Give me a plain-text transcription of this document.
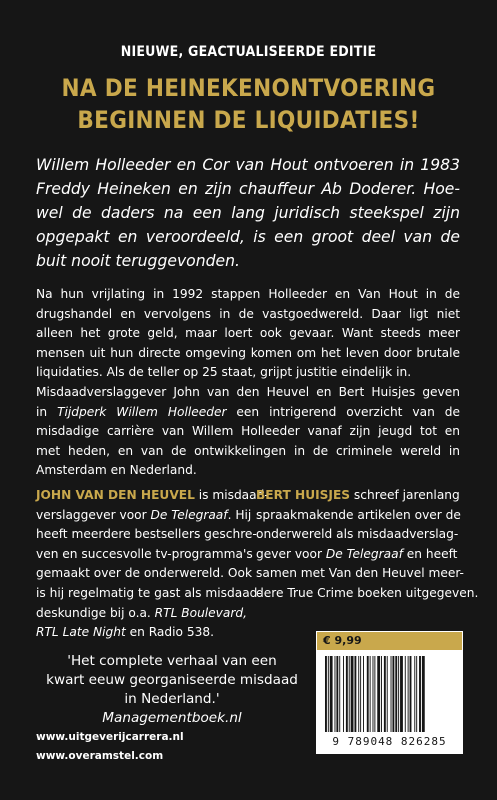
NIEUWE, GEACTUALISEERDE EDITIE
NA DE HEINEKENONTVOERING
BEGINNEN DE LIQUIDATIES!
Willem Holleeder en Cor van Hout ontvoeren in 1983
Freddy Heineken en zijn chauffeur Ab Doderer. Hoe-
wel de daders na een lang juridisch steekspel zijn
opgepakt en veroordeeld, is een groot deel van de
buit nooit teruggevonden.
Na hun vrijlating in 1992 stappen Holleeder en Van Hout in de
drugshandel en vervolgens in de vastgoedwereld. Daar ligt niet
alleen het grote geld, maar loert ook gevaar. Want steeds meer
mensen uit hun directe omgeving komen om het leven door brutale
liquidaties. Als de teller op 25 staat, grijpt justitie eindelijk in.
Misdaadverslaggever John van den Heuvel en Bert Huisjes geven
in Tijdperk Willem Holleeder een intrigerend overzicht van de
misdadige carrière van Willem Holleeder vanaf zijn jeugd tot en
met heden, en van de ontwikkelingen in de criminele wereld in
Amsterdam en Nederland.
JOHN VAN DEN HEUVEL is misdaad-
verslaggever voor De Telegraaf. Hij
heeft meerdere bestsellers geschre-
ven en succesvolle tv-programma's
gemaakt over de onderwereld. Ook
is hij regelmatig te gast als misdaad-
deskundige bij o.a. RTL Boulevard,
RTL Late Night en Radio 538.
BERT HUISJES schreef jarenlang
spraakmakende artikelen over de
onderwereld als misdaadverslag-
gever voor De Telegraaf en heeft
samen met Van den Heuvel meer-
dere True Crime boeken uitgegeven.
'Het complete verhaal van een
kwart eeuw georganiseerde misdaad
in Nederland.'
Managementboek.nl
www.uitgeverijcarrera.nl
www.overamstel.com
€ 9,99
9 789048 826285
